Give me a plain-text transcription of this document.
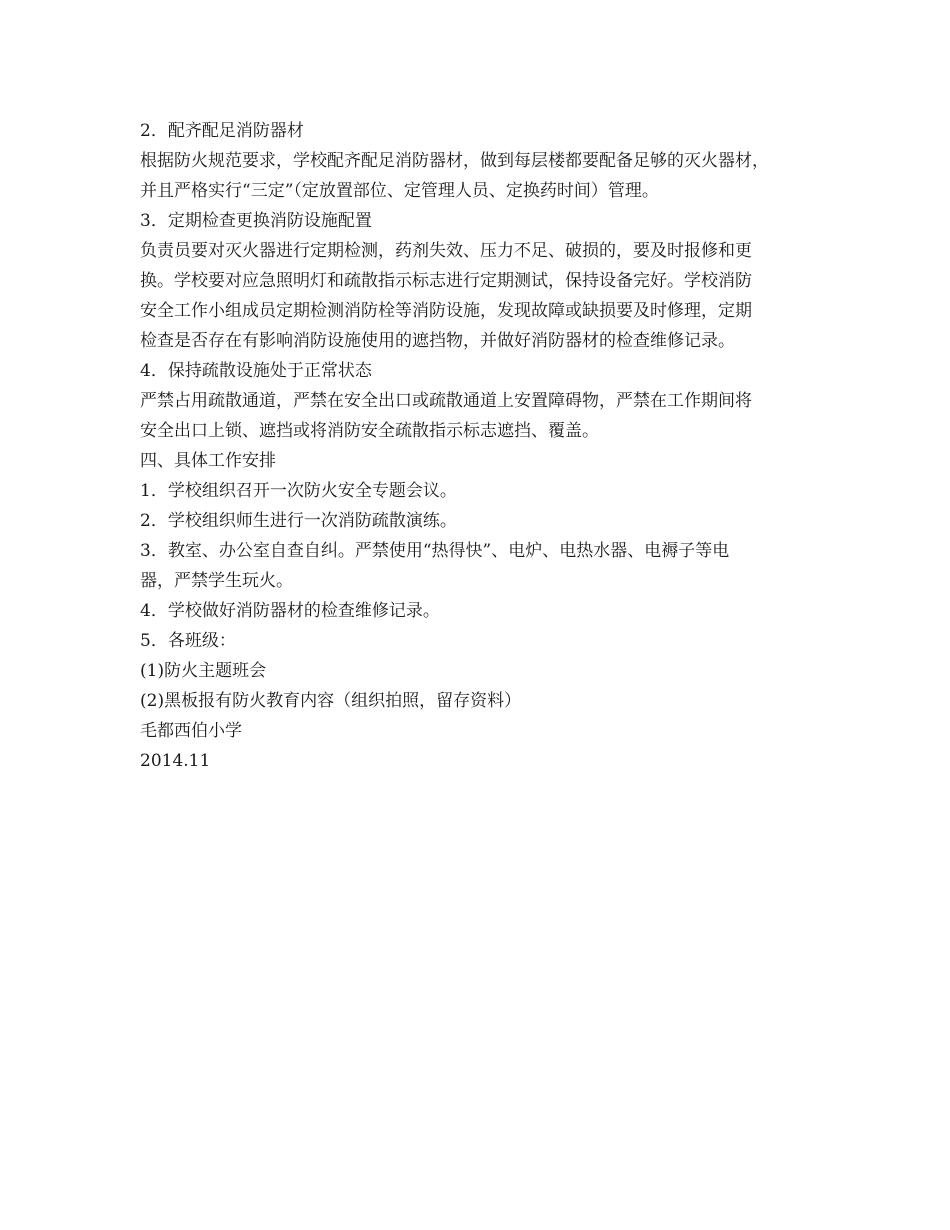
2．配齐配足消防器材
根据防火规范要求，学校配齐配足消防器材，做到每层楼都要配备足够的灭火器材，
并且严格实行“三定”（定放置部位、定管理人员、定换药时间）管理。
3．定期检查更换消防设施配置
负责员要对灭火器进行定期检测，药剂失效、压力不足、破损的，要及时报修和更
换。学校要对应急照明灯和疏散指示标志进行定期测试，保持设备完好。学校消防
安全工作小组成员定期检测消防栓等消防设施，发现故障或缺损要及时修理，定期
检查是否存在有影响消防设施使用的遮挡物，并做好消防器材的检查维修记录。
4．保持疏散设施处于正常状态
严禁占用疏散通道，严禁在安全出口或疏散通道上安置障碍物，严禁在工作期间将
安全出口上锁、遮挡或将消防安全疏散指示标志遮挡、覆盖。
四、具体工作安排
1．学校组织召开一次防火安全专题会议。
2．学校组织师生进行一次消防疏散演练。
3．教室、办公室自查自纠。严禁使用“热得快”、电炉、电热水器、电褥子等电
器，严禁学生玩火。
4．学校做好消防器材的检查维修记录。
5．各班级：
(1)防火主题班会
(2)黑板报有防火教育内容（组织拍照，留存资料）
毛都西伯小学
2014.11
